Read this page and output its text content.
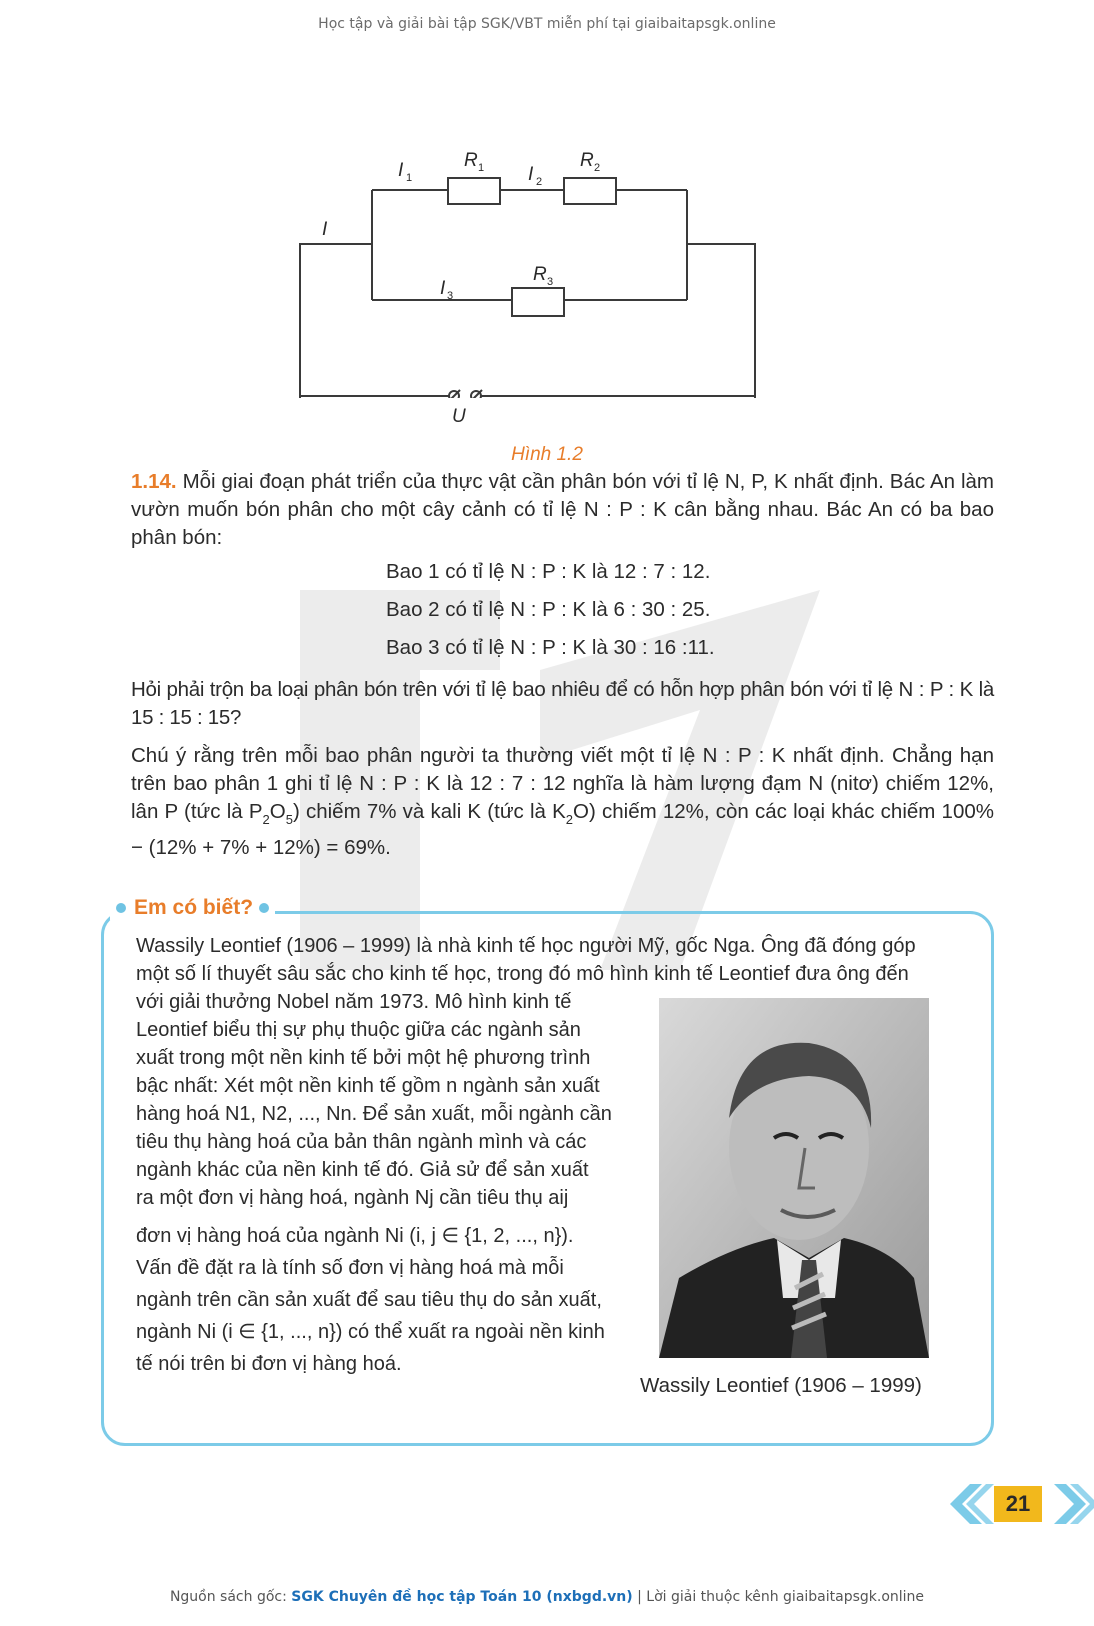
Học tập và giải bài tập SGK/VBT miễn phí tại giaibaitapsgk.online
I
I 1
R 1 I 2
R 2
I 3
R 3
U
Hình 1.2
1.14. Mỗi giai đoạn phát triển của thực vật cần phân bón với tỉ lệ N, P, K nhất định. Bác An làm vườn muốn bón phân cho một cây cảnh có tỉ lệ N : P : K cân bằng nhau. Bác An có ba bao phân bón:
Bao 1 có tỉ lệ N : P : K là 12 : 7 : 12.
Bao 2 có tỉ lệ N : P : K là 6 : 30 : 25.
Bao 3 có tỉ lệ N : P : K là 30 : 16 :11.
Hỏi phải trộn ba loại phân bón trên với tỉ lệ bao nhiêu để có hỗn hợp phân bón với tỉ lệ N : P : K là 15 : 15 : 15?
Chú ý rằng trên mỗi bao phân người ta thường viết một tỉ lệ N : P : K nhất định. Chẳng hạn trên bao phân 1 ghi tỉ lệ N : P : K là 12 : 7 : 12 nghĩa là hàm lượng đạm N (nitơ) chiếm 12%, lân P (tức là $P_2O_5$) chiếm 7% và kali K (tức là $K_2O$) chiếm 12%, còn các loại khác chiếm 100% − (12% + 7% + 12%) = 69%.
Em có biết?
Wassily Leontief (1906 – 1999) là nhà kinh tế học người Mỹ, gốc Nga. Ông đã đóng góp
một số lí thuyết sâu sắc cho kinh tế học, trong đó mô hình kinh tế Leontief đưa ông đến
với giải thưởng Nobel năm 1973. Mô hình kinh tế
Leontief biểu thị sự phụ thuộc giữa các ngành sản
xuất trong một nền kinh tế bởi một hệ phương trình
bậc nhất: Xét một nền kinh tế gồm n ngành sản xuất
hàng hoá N1, N2, ..., Nn. Để sản xuất, mỗi ngành cần
tiêu thụ hàng hoá của bản thân ngành mình và các
ngành khác của nền kinh tế đó. Giả sử để sản xuất
ra một đơn vị hàng hoá, ngành Nj cần tiêu thụ aij
đơn vị hàng hoá của ngành Ni (i, j ∈ {1, 2, ..., n}).
Vấn đề đặt ra là tính số đơn vị hàng hoá mà mỗi
ngành trên cần sản xuất để sau tiêu thụ do sản xuất,
ngành Ni (i ∈ {1, ..., n}) có thể xuất ra ngoài nền kinh
tế nói trên bi đơn vị hàng hoá.
Wassily Leontief (1906 – 1999)
21
Nguồn sách gốc: SGK Chuyên đề học tập Toán 10 (nxbgd.vn) | Lời giải thuộc kênh giaibaitapsgk.online
